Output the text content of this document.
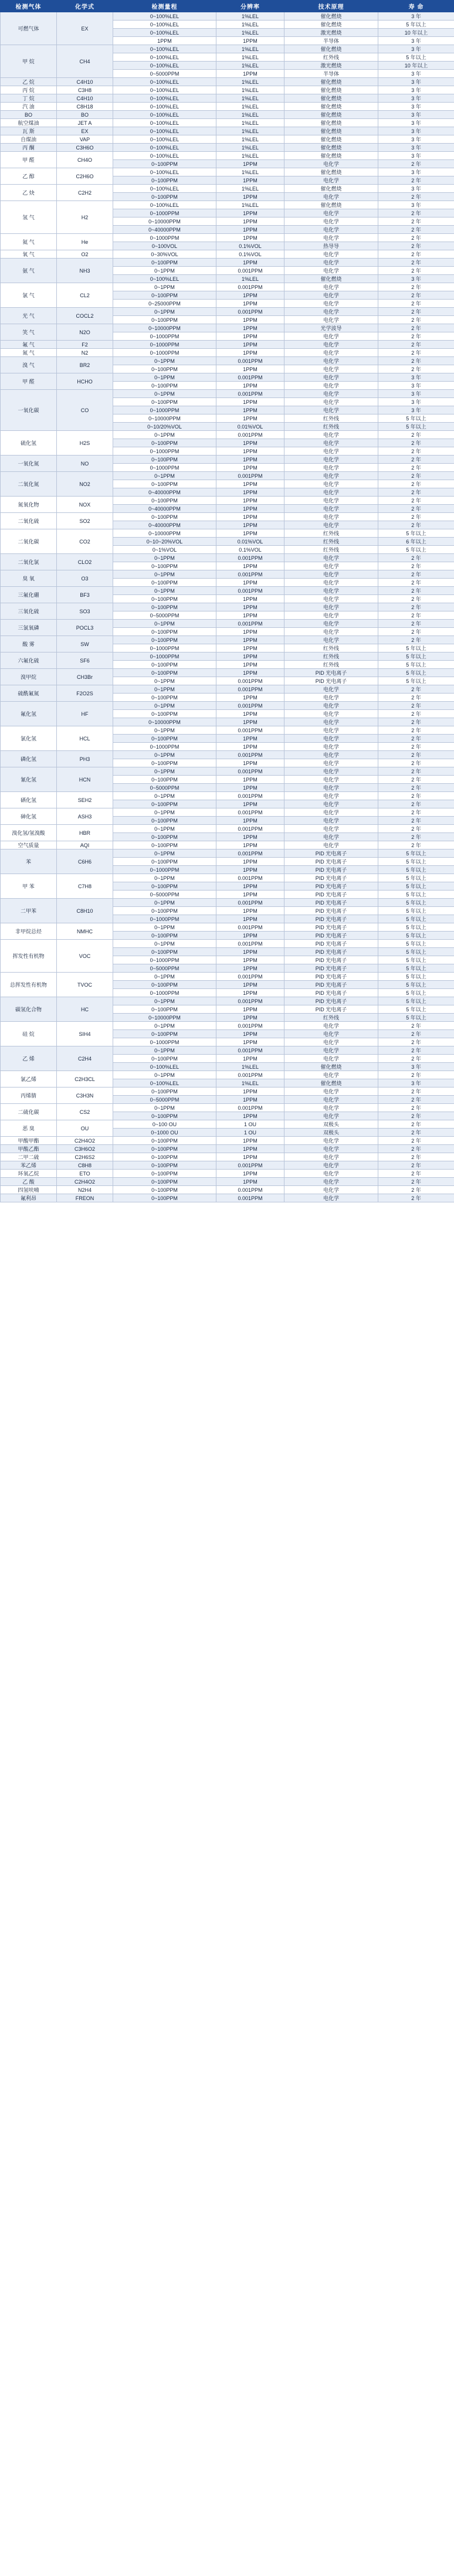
检测气体	化学式	检测量程	分辨率	技术原理	寿 命
可燃气体	EX	0~100%LEL	1%LEL	催化燃烧	3 年
		0~100%LEL	1%LEL	催化燃烧	5 年以上
		0~100%LEL	1%LEL	激光燃烧	10 年以上
		1PPM	1PPM	半导体	3 年
甲 烷	CH4	0~100%LEL	1%LEL	催化燃烧	3 年
		0~100%LEL	1%LEL	红外线	5 年以上
		0~100%LEL	1%LEL	激光燃烧	10 年以上
		0~5000PPM	1PPM	半导体	3 年
乙 烷	C4H10	0~100%LEL	1%LEL	催化燃烧	3 年
丙 烷	C3H8	0~100%LEL	1%LEL	催化燃烧	3 年
丁 烷	C4H10	0~100%LEL	1%LEL	催化燃烧	3 年
汽 油	C8H18	0~100%LEL	1%LEL	催化燃烧	3 年
BO	BO	0~100%LEL	1%LEL	催化燃烧	3 年
航空煤油	JET A	0~100%LEL	1%LEL	催化燃烧	3 年
瓦 斯	EX	0~100%LEL	1%LEL	催化燃烧	3 年
自煤油	VAP	0~100%LEL	1%LEL	催化燃烧	3 年
丙 酮	C3H6O	0~100%LEL	1%LEL	催化燃烧	3 年
甲 醛	CH4O	0~100%LEL	1%LEL	催化燃烧	3 年
		0~100PPM	1PPM	电化学	2 年
乙 醇	C2H6O	0~100%LEL	1%LEL	催化燃烧	3 年
		0~100PPM	1PPM	电化学	2 年
乙 炔	C2H2	0~100%LEL	1%LEL	催化燃烧	3 年
		0~100PPM	1PPM	电化学	2 年
氢 气	H2	0~100%LEL	1%LEL	催化燃烧	3 年
		0~1000PPM	1PPM	电化学	2 年
		0~10000PPM	1PPM	电化学	2 年
		0~40000PPM	1PPM	电化学	2 年
氦 气	He	0~1000PPM	1PPM	电化学	2 年
		0~100VOL	0.1%VOL	热导导	2 年
氧 气	O2	0~30%VOL	0.1%VOL	电化学	2 年
氨 气	NH3	0~100PPM	1PPM	电化学	2 年
		0~1PPM	0.001PPM	电化学	2 年
		0~100%LEL	1%LEL	催化燃烧	3 年
氯 气	CL2	0~1PPM	0.001PPM	电化学	2 年
		0~100PPM	1PPM	电化学	2 年
		0~25000PPM	1PPM	电化学	2 年
光 气	COCL2	0~1PPM	0.001PPM	电化学	2 年
		0~100PPM	1PPM	电化学	2 年
笑 气	N2O	0~10000PPM	1PPM	光学波导	2 年
		0~1000PPM	1PPM	电化学	2 年
氟 气	F2	0~1000PPM	1PPM	电化学	2 年
氮 气	N2	0~1000PPM	1PPM	电化学	2 年
溴 气	BR2	0~1PPM	0.001PPM	电化学	2 年
		0~100PPM	1PPM	电化学	2 年
甲 醛	HCHO	0~1PPM	0.001PPM	电化学	3 年
		0~100PPM	1PPM	电化学	3 年
一氧化碳	CO	0~1PPM	0.001PPM	电化学	3 年
		0~100PPM	1PPM	电化学	3 年
		0~1000PPM	1PPM	电化学	3 年
		0~10000PPM	1PPM	红外线	5 年以上
		0~10/20%VOL	0.01%VOL	红外线	5 年以上
硫化氢	H2S	0~1PPM	0.001PPM	电化学	2 年
		0~100PPM	1PPM	电化学	2 年
		0~1000PPM	1PPM	电化学	2 年
一氧化氮	NO	0~100PPM	1PPM	电化学	2 年
		0~1000PPM	1PPM	电化学	2 年
二氧化氮	NO2	0~1PPM	0.001PPM	电化学	2 年
		0~100PPM	1PPM	电化学	2 年
		0~40000PPM	1PPM	电化学	2 年
氮氧化物	NOX	0~100PPM	1PPM	电化学	2 年
		0~40000PPM	1PPM	电化学	2 年
二氧化硫	SO2	0~100PPM	1PPM	电化学	2 年
		0~40000PPM	1PPM	电化学	2 年
二氧化碳	CO2	0~10000PPM	1PPM	红外线	5 年以上
		0~10~20%VOL	0.01%VOL	红外线	6 年以上
		0~1%VOL	0.1%VOL	红外线	5 年以上
二氧化氯	CLO2	0~1PPM	0.001PPM	电化学	2 年
		0~100PPM	1PPM	电化学	2 年
臭 氧	O3	0~1PPM	0.001PPM	电化学	2 年
		0~100PPM	1PPM	电化学	2 年
三氟化硼	BF3	0~1PPM	0.001PPM	电化学	2 年
		0~100PPM	1PPM	电化学	2 年
三氧化硫	SO3	0~100PPM	1PPM	电化学	2 年
		0~5000PPM	1PPM	电化学	2 年
三氯氧磷	POCL3	0~1PPM	0.001PPM	电化学	2 年
		0~100PPM	1PPM	电化学	2 年
酸 雾	SW	0~100PPM	1PPM	电化学	2 年
		0~1000PPM	1PPM	红外线	5 年以上
六氟化硫	SF6	0~1000PPM	1PPM	红外线	5 年以上
		0~100PPM	1PPM	红外线	5 年以上
溴甲烷	CH3Br	0~100PPM	1PPM	PID 光电离子	5 年以上
		0~1PPM	0.001PPM	PID 光电离子	5 年以上
硫酰氟氮	F2O2S	0~1PPM	0.001PPM	电化学	2 年
		0~100PPM	1PPM	电化学	2 年
氟化氢	HF	0~1PPM	0.001PPM	电化学	2 年
		0~100PPM	1PPM	电化学	2 年
		0~10000PPM	1PPM	电化学	2 年
氯化氢	HCL	0~1PPM	0.001PPM	电化学	2 年
		0~100PPM	1PPM	电化学	2 年
		0~1000PPM	1PPM	电化学	2 年
磷化氢	PH3	0~1PPM	0.001PPM	电化学	2 年
		0~100PPM	1PPM	电化学	2 年
氰化氢	HCN	0~1PPM	0.001PPM	电化学	2 年
		0~100PPM	1PPM	电化学	2 年
		0~5000PPM	1PPM	电化学	2 年
硒化氢	SEH2	0~1PPM	0.001PPM	电化学	2 年
		0~100PPM	1PPM	电化学	2 年
砷化氢	ASH3	0~1PPM	0.001PPM	电化学	2 年
		0~100PPM	1PPM	电化学	2 年
溴化氢/氢溴酸	HBR	0~1PPM	0.001PPM	电化学	2 年
		0~100PPM	1PPM	电化学	2 年
空气质量	AQI	0~100PPM	1PPM	电化学	2 年
苯	C6H6	0~1PPM	0.001PPM	PID 光电离子	5 年以上
		0~100PPM	1PPM	PID 光电离子	5 年以上
		0~1000PPM	1PPM	PID 光电离子	5 年以上
甲 苯	C7H8	0~1PPM	0.001PPM	PID 光电离子	5 年以上
		0~100PPM	1PPM	PID 光电离子	5 年以上
		0~5000PPM	1PPM	PID 光电离子	5 年以上
二甲苯	C8H10	0~1PPM	0.001PPM	PID 光电离子	5 年以上
		0~100PPM	1PPM	PID 光电离子	5 年以上
		0~1000PPM	1PPM	PID 光电离子	5 年以上
非甲烷总烃	NMHC	0~1PPM	0.001PPM	PID 光电离子	5 年以上
		0~100PPM	1PPM	PID 光电离子	5 年以上
挥发性有机物	VOC	0~1PPM	0.001PPM	PID 光电离子	5 年以上
		0~100PPM	1PPM	PID 光电离子	5 年以上
		0~1000PPM	1PPM	PID 光电离子	5 年以上
		0~5000PPM	1PPM	PID 光电离子	5 年以上
总挥发性有机物	TVOC	0~1PPM	0.001PPM	PID 光电离子	5 年以上
		0~100PPM	1PPM	PID 光电离子	5 年以上
		0~1000PPM	1PPM	PID 光电离子	5 年以上
碳氢化合物	HC	0~1PPM	0.001PPM	PID 光电离子	5 年以上
		0~100PPM	1PPM	PID 光电离子	5 年以上
		0~10000PPM	1PPM	红外线	5 年以上
硅 烷	SIH4	0~1PPM	0.001PPM	电化学	2 年
		0~100PPM	1PPM	电化学	2 年
		0~1000PPM	1PPM	电化学	2 年
乙 烯	C2H4	0~1PPM	0.001PPM	电化学	2 年
		0~100PPM	1PPM	电化学	2 年
		0~100%LEL	1%LEL	催化燃烧	3 年
氯乙烯	C2H3CL	0~1PPM	0.001PPM	电化学	2 年
		0~100%LEL	1%LEL	催化燃烧	3 年
丙烯腈	C3H3N	0~100PPM	1PPM	电化学	2 年
		0~5000PPM	1PPM	电化学	2 年
二硫化碳	CS2	0~1PPM	0.001PPM	电化学	2 年
		0~100PPM	1PPM	电化学	2 年
恶 臭	OU	0~100 OU	1 OU	双极头	2 年
		0~1000 OU	1 OU	双极头	2 年
甲酸甲酯	C2H4O2	0~100PPM	1PPM	电化学	2 年
甲酸乙酯	C3H6O2	0~100PPM	1PPM	电化学	2 年
二甲二硫	C2H6S2	0~100PPM	1PPM	电化学	2 年
苯乙烯	C8H8	0~100PPM	0.001PPM	电化学	2 年
环氧乙烷	ETO	0~100PPM	1PPM	电化学	2 年
乙 酸	C2H4O2	0~100PPM	1PPM	电化学	2 年
四氢呋喃	N2H4	0~100PPM	0.001PPM	电化学	2 年
氟利昂	FREON	0~100PPM	0.001PPM	电化学	2 年
